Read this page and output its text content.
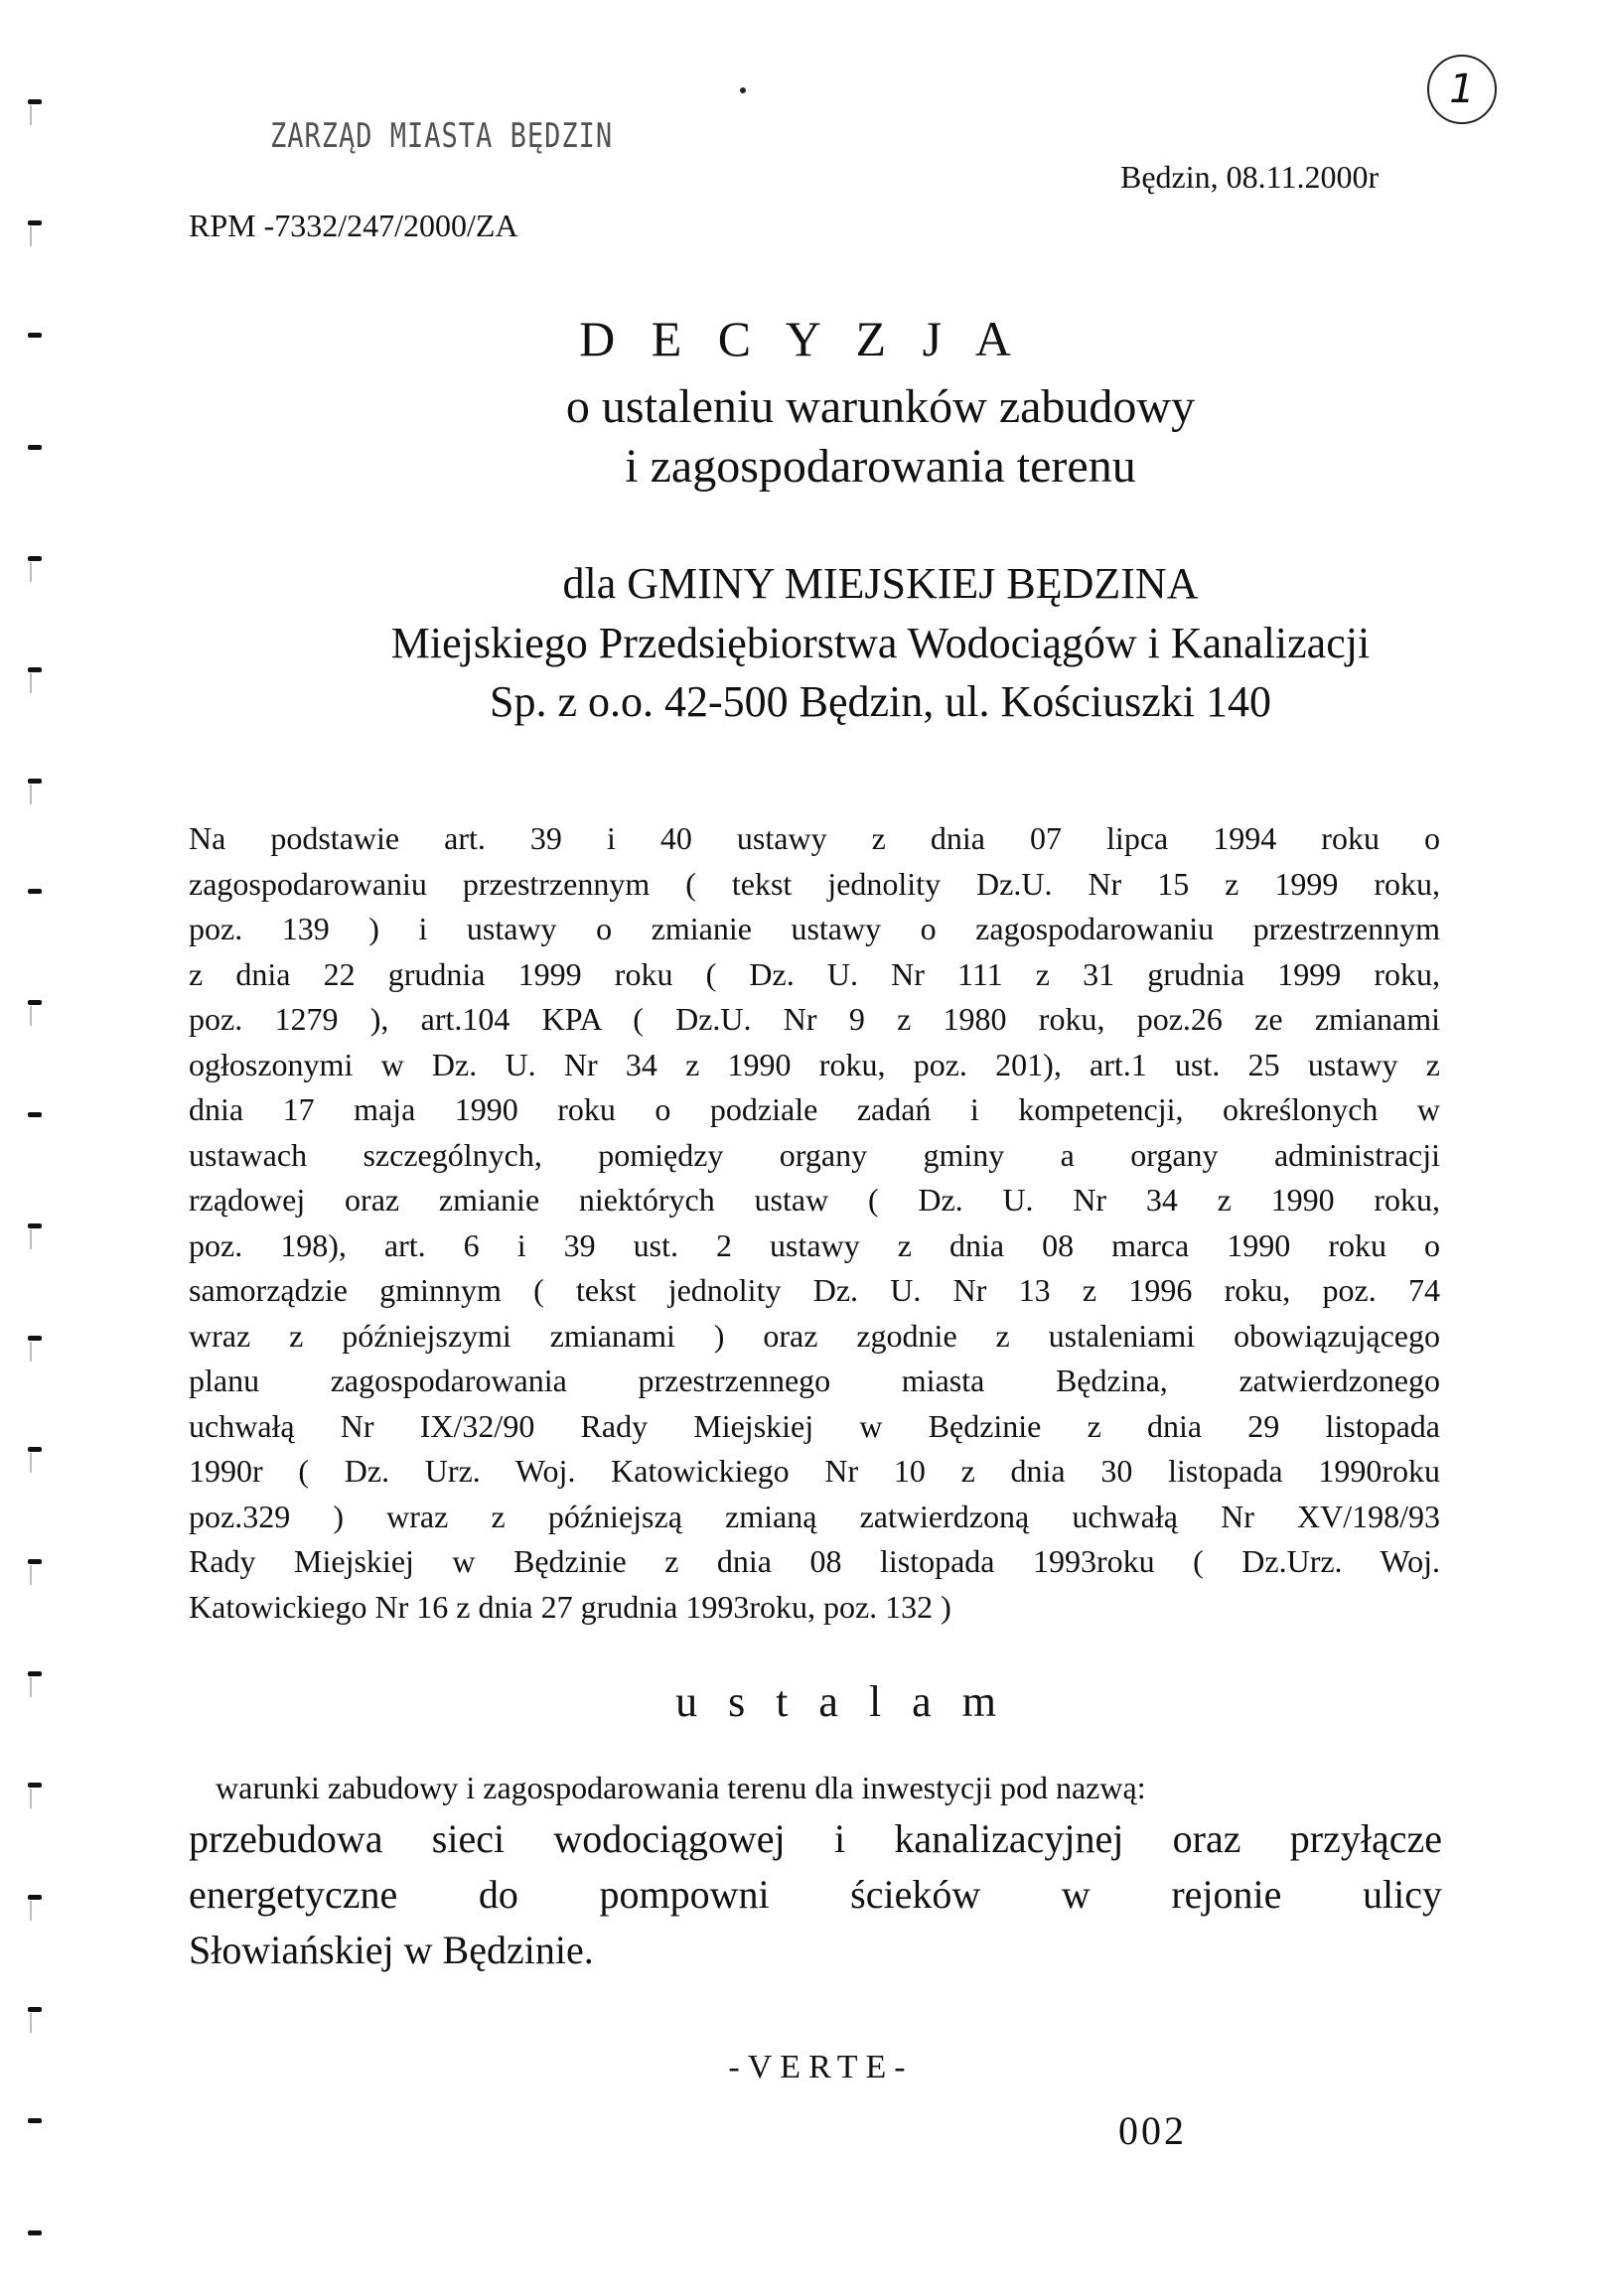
ZARZĄD MIASTA BĘDZIN
RPM -7332/247/2000/ZA
Będzin, 08.11.2000r
1
D E C Y Z J A
o ustaleniu warunków zabudowy
i zagospodarowania terenu
dla GMINY MIEJSKIEJ BĘDZINA
Miejskiego Przedsiębiorstwa Wodociągów i Kanalizacji
Sp. z o.o. 42-500 Będzin, ul. Kościuszki 140
Na podstawie art. 39 i 40 ustawy z dnia 07 lipca 1994 roku o
zagospodarowaniu przestrzennym ( tekst jednolity Dz.U. Nr 15 z 1999 roku,
poz. 139 ) i ustawy o zmianie ustawy o zagospodarowaniu przestrzennym
z dnia 22 grudnia 1999 roku ( Dz. U. Nr 111 z 31 grudnia 1999 roku,
poz. 1279 ), art.104 KPA ( Dz.U. Nr 9 z 1980 roku, poz.26 ze zmianami
ogłoszonymi w Dz. U. Nr 34 z 1990 roku, poz. 201), art.1 ust. 25 ustawy z
dnia 17 maja 1990 roku o podziale zadań i kompetencji, określonych w
ustawach szczególnych, pomiędzy organy gminy a organy administracji
rządowej oraz zmianie niektórych ustaw ( Dz. U. Nr 34 z 1990 roku,
poz. 198), art. 6 i 39 ust. 2 ustawy z dnia 08 marca 1990 roku o
samorządzie gminnym ( tekst jednolity Dz. U. Nr 13 z 1996 roku, poz. 74
wraz z późniejszymi zmianami ) oraz zgodnie z ustaleniami obowiązującego
planu zagospodarowania przestrzennego miasta Będzina, zatwierdzonego
uchwałą Nr IX/32/90 Rady Miejskiej w Będzinie z dnia 29 listopada
1990r ( Dz. Urz. Woj. Katowickiego Nr 10 z dnia 30 listopada 1990roku
poz.329 ) wraz z późniejszą zmianą zatwierdzoną uchwałą Nr XV/198/93
Rady Miejskiej w Będzinie z dnia 08 listopada 1993roku ( Dz.Urz. Woj.
Katowickiego Nr 16 z dnia 27 grudnia 1993roku, poz. 132 )
u s t a l a m
warunki zabudowy i zagospodarowania terenu dla inwestycji pod nazwą:
przebudowa sieci wodociągowej i kanalizacyjnej oraz przyłącze
energetyczne do pompowni ścieków w rejonie ulicy
Słowiańskiej w Będzinie.
-VERTE-
002
